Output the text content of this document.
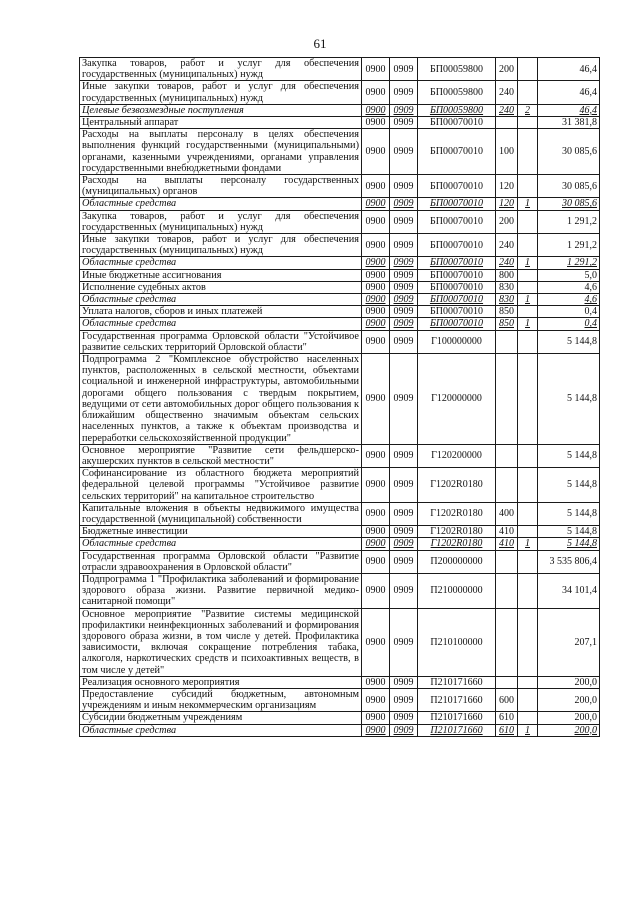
61
Закупка товаров, работ и услуг для обеспечения государственных (муниципальных) нужд	0900	0909	БП00059800	200		46,4
Иные закупки товаров, работ и услуг для обеспечения государственных (муниципальных) нужд	0900	0909	БП00059800	240		46,4
Целевые безвозмездные поступления	0900	0909	БП00059800	240	2	46,4
Центральный аппарат	0900	0909	БП00070010			31 381,8
Расходы на выплаты персоналу в целях обеспечения выполнения функций государственными (муниципальными) органами, казенными учреждениями, органами управления государственными внебюджетными фондами	0900	0909	БП00070010	100		30 085,6
Расходы на выплаты персоналу государственных (муниципальных) органов	0900	0909	БП00070010	120		30 085,6
Областные средства	0900	0909	БП00070010	120	1	30 085,6
Закупка товаров, работ и услуг для обеспечения государственных (муниципальных) нужд	0900	0909	БП00070010	200		1 291,2
Иные закупки товаров, работ и услуг для обеспечения государственных (муниципальных) нужд	0900	0909	БП00070010	240		1 291,2
Областные средства	0900	0909	БП00070010	240	1	1 291,2
Иные бюджетные ассигнования	0900	0909	БП00070010	800		5,0
Исполнение судебных актов	0900	0909	БП00070010	830		4,6
Областные средства	0900	0909	БП00070010	830	1	4,6
Уплата налогов, сборов и иных платежей	0900	0909	БП00070010	850		0,4
Областные средства	0900	0909	БП00070010	850	1	0,4
Государственная программа Орловской области "Устойчивое развитие сельских территорий Орловской области"	0900	0909	Г100000000			5 144,8
Подпрограмма 2 "Комплексное обустройство населенных пунктов, расположенных в сельской местности, объектами социальной и инженерной инфраструктуры, автомобильными дорогами общего пользования с твердым покрытием, ведущими от сети автомобильных дорог общего пользования к ближайшим общественно значимым объектам сельских населенных пунктов, а также к объектам производства и переработки сельскохозяйственной продукции"	0900	0909	Г120000000			5 144,8
Основное мероприятие "Развитие сети фельдшерско-акушерских пунктов в сельской местности"	0900	0909	Г120200000			5 144,8
Софинансирование из областного бюджета мероприятий федеральной целевой программы "Устойчивое развитие сельских территорий" на капитальное строительство	0900	0909	Г1202R0180			5 144,8
Капитальные вложения в объекты недвижимого имущества государственной (муниципальной) собственности	0900	0909	Г1202R0180	400		5 144,8
Бюджетные инвестиции	0900	0909	Г1202R0180	410		5 144,8
Областные средства	0900	0909	Г1202R0180	410	1	5 144,8
Государственная программа Орловской области "Развитие отрасли здравоохранения в Орловской области"	0900	0909	П200000000			3 535 806,4
Подпрограмма 1 "Профилактика заболеваний и формирование здорового образа жизни. Развитие первичной медико-санитарной помощи"	0900	0909	П210000000			34 101,4
Основное мероприятие "Развитие системы медицинской профилактики неинфекционных заболеваний и формирования здорового образа жизни, в том числе у детей. Профилактика зависимости, включая сокращение потребления табака, алкоголя, наркотических средств и психоактивных веществ, в том числе у детей"	0900	0909	П210100000			207,1
Реализация основного мероприятия	0900	0909	П210171660			200,0
Предоставление субсидий бюджетным, автономным учреждениям и иным некоммерческим организациям	0900	0909	П210171660	600		200,0
Субсидии бюджетным учреждениям	0900	0909	П210171660	610		200,0
Областные средства	0900	0909	П210171660	610	1	200,0
